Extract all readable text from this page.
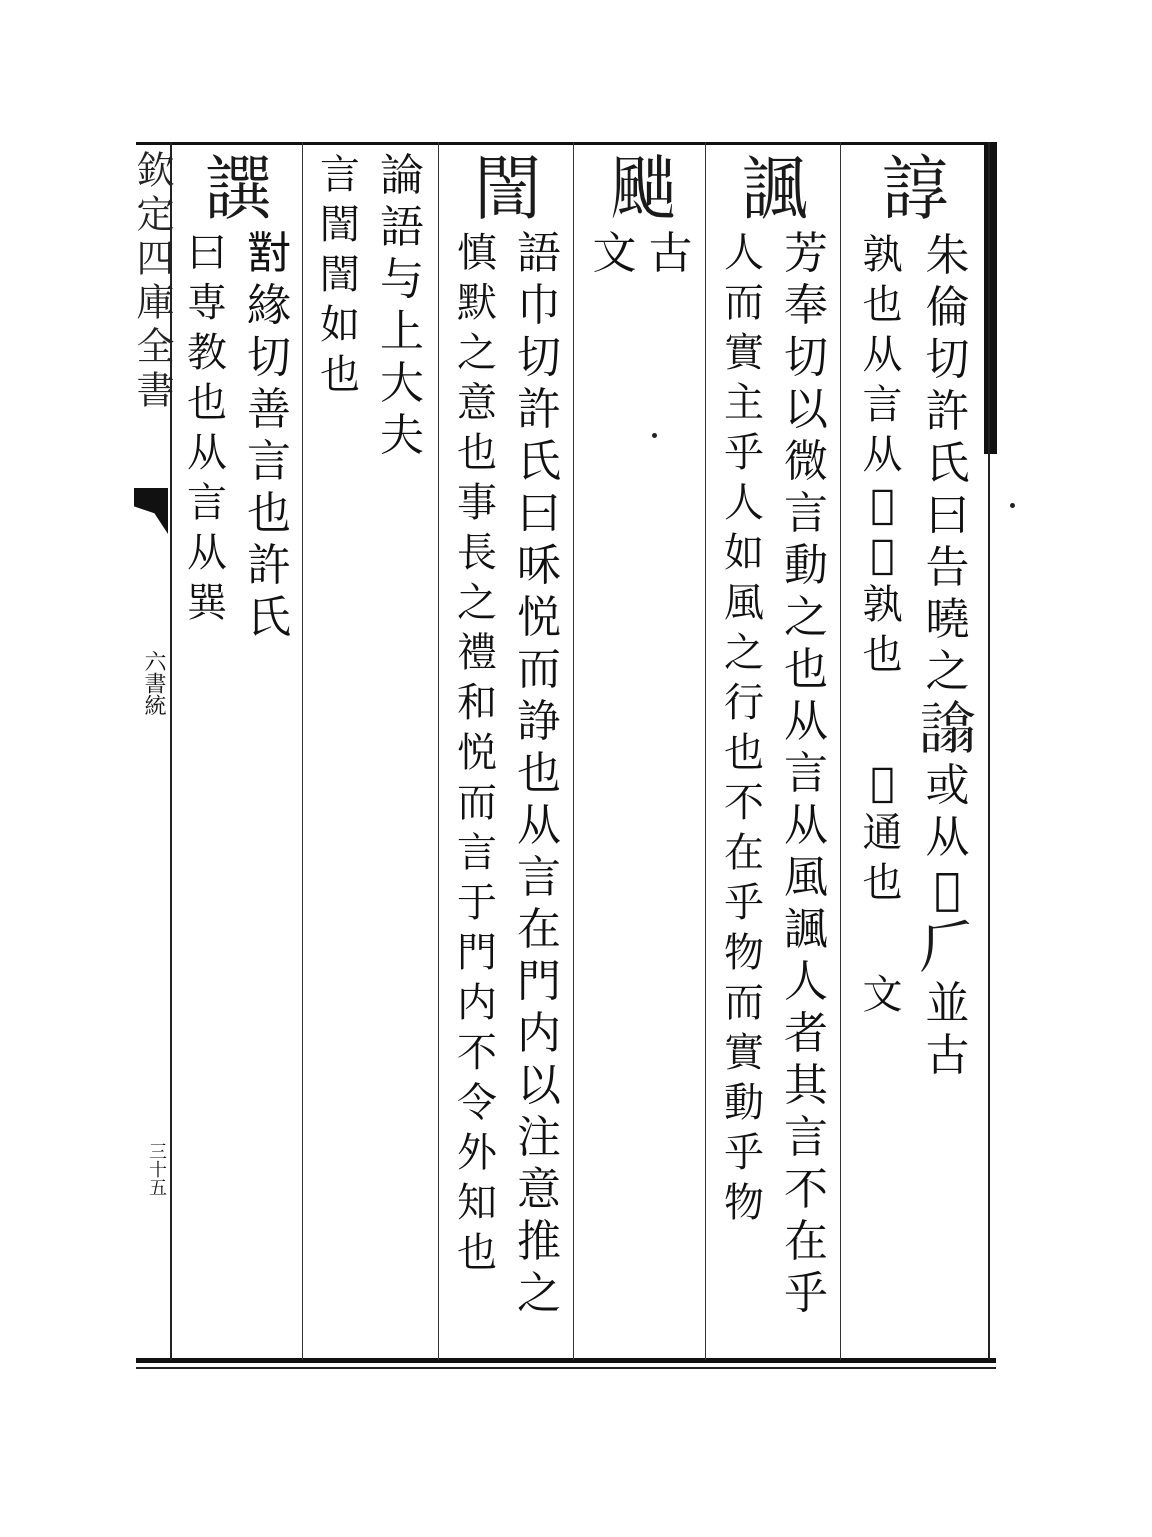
欽定四庫全書
六書統
三十五
諄
朱
倫
切
許
氏
曰
告
曉
之
孰
也
从
言
从
𦎫
𦎫
孰
也
𧬈
或
从
𦎫
𠂆
並
古
𦎫
通
也
文
諷
芳
奉
切
以
微
言
動
之
也
从
言
从
風
諷
人
者
其
言
不
在
乎
人
而
實
主
乎
人
如
風
之
行
也
不
在
乎
物
而
實
動
乎
物
𩖷
古
文
誾
語
巾
切
許
氏
曰
咊
悦
而
諍
也
从
言
在
門
内
以
注
意
推
之
慎
默
之
意
也
事
長
之
禮
和
悦
而
言
于
門
内
不
令
外
知
也
論
語
与
上
大
夫
言
誾
誾
如
也
譔
𡭊
緣
切
善
言
也
許
氏
曰
専
教
也
从
言
从
巽
